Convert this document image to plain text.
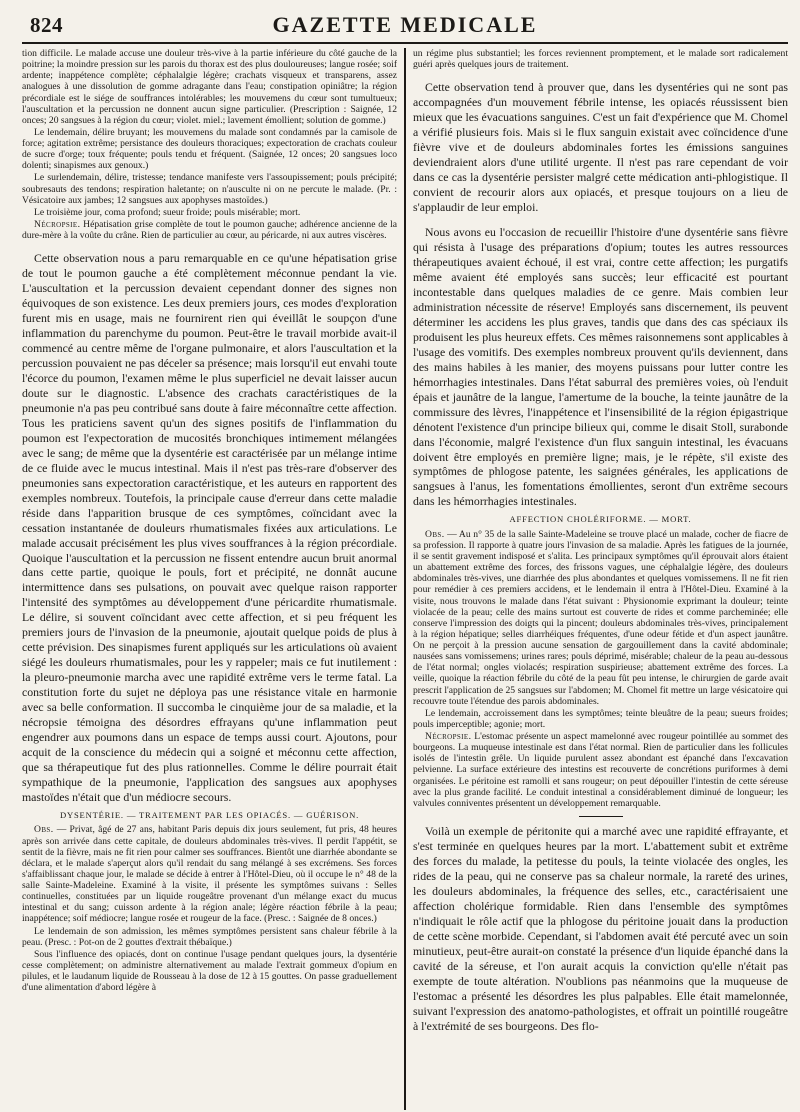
824	GAZETTE MEDICALE

tion difficile. Le malade accuse une douleur très-vive à la partie inférieure du côté gauche de la poitrine; la moindre pression sur les parois du thorax est des plus douloureuses; langue rosée; soif ardente; inappétence complète; céphalalgie légère; crachats visqueux et transparens, assez analogues à une dissolution de gomme adragante dans l'eau; constipation opiniâtre; la région précordiale est le siége de souffrances intolérables; les mouvemens du cœur sont tumultueux; l'auscultation et la percussion ne donnent aucun signe particulier. (Prescription : Saignée, 12 onces; 20 sangsues à la région du cœur; violet. miel.; lavement émollient; solution de gomme.)

Le lendemain, délire bruyant; les mouvemens du malade sont condamnés par la camisole de force; agitation extrême; persistance des douleurs thoraciques; expectoration de crachats couleur de sucre d'orge; toux fréquente; pouls tendu et fréquent. (Saignée, 12 onces; 20 sangsues loco dolenti; sinapismes aux genoux.)

Le surlendemain, délire, tristesse; tendance manifeste vers l'assoupissement; pouls précipité; soubresauts des tendons; respiration haletante; on n'ausculte ni on ne percute le malade. (Pr. : Vésicatoire aux jambes; 12 sangsues aux apophyses mastoïdes.)

Le troisième jour, coma profond; sueur froide; pouls misérable; mort.

Nécropsie. Hépatisation grise complète de tout le poumon gauche; adhérence ancienne de la dure-mère à la voûte du crâne. Rien de particulier au cœur, au péricarde, ni aux autres viscères.

Cette observation nous a paru remarquable en ce qu'une hépatisation grise de tout le poumon gauche a été complètement méconnue pendant la vie. L'auscultation et la percussion devaient cependant donner des signes non équivoques de son existence. Les deux premiers jours, ces modes d'exploration furent mis en usage, mais ne fournirent rien qui éveillât le soupçon d'une inflammation du parenchyme du poumon. Peut-être le travail morbide avait-il commencé au centre même de l'organe pulmonaire, et alors l'auscultation et la percussion pouvaient ne pas déceler sa présence; mais lorsqu'il eut envahi toute l'écorce du poumon, l'examen même le plus superficiel ne devait laisser aucun doute sur le diagnostic. L'absence des crachats caractéristiques de la pneumonie n'a pas peu contribué sans doute à faire méconnaître cette affection. Tous les praticiens savent qu'un des signes positifs de l'inflammation du poumon est l'expectoration de mucosités bronchiques intimement mélangées avec le sang; de même que la dysentérie est caractérisée par un mélange intime de ce fluide avec le mucus intestinal. Mais il n'est pas très-rare d'observer des pneumonies sans expectoration caractéristique, et les auteurs en rapportent des exemples nombreux. Toutefois, la principale cause d'erreur dans cette maladie réside dans l'apparition brusque de ces symptômes, coïncidant avec la cessation instantanée de douleurs rhumatismales fixées aux articulations. Le malade accusait précisément les plus vives souffrances à la région précordiale. Quoique l'auscultation et la percussion ne fissent entendre aucun bruit anormal dans cette partie, quoique le pouls, fort et précipité, ne donnât aucune intermittence dans ses pulsations, on pouvait avec quelque raison rapporter l'intensité des symptômes au développement d'une péricardite rhumatismale. Le délire, si souvent coïncidant avec cette affection, et si peu fréquent les premiers jours de l'invasion de la pneumonie, ajoutait quelque poids de plus à cette prévision. Des sinapismes furent appliqués sur les articulations où avaient siégé les douleurs rhumatismales, pour les y rappeler; mais ce fut inutilement : la pleuro-pneumonie marcha avec une rapidité extrême vers le terme fatal. La constitution forte du sujet ne déploya pas une résistance vitale en harmonie avec sa belle conformation. Il succomba le cinquième jour de sa maladie, et la nécropsie témoigna des désordres effrayans qu'une inflammation peut engendrer aux poumons dans un espace de temps aussi court. Ajoutons, pour acquit de la conscience du médecin qui a soigné et méconnu cette affection, que sa thérapeutique fut des plus rationnelles. Comme le délire pourrait était sympathique de la pneumonie, l'application des sangsues aux apophyses mastoïdes n'était que d'un médiocre secours.

DYSENTÉRIE. — TRAITEMENT PAR LES OPIACÉS. — GUÉRISON.

Obs. — Privat, âgé de 27 ans, habitant Paris depuis dix jours seulement, fut pris, 48 heures après son arrivée dans cette capitale, de douleurs abdominales très-vives. Il perdit l'appétit, se sentit de la fièvre, mais ne fit rien pour calmer ses souffrances. Bientôt une diarrhée abondante se déclara, et le malade s'aperçut alors qu'il rendait du sang mélangé à ses excrémens. Ses forces s'affaiblissant chaque jour, le malade se décide à entrer à l'Hôtel-Dieu, où il occupe le n° 48 de la salle Sainte-Madeleine. Examiné à la visite, il présente les symptômes suivans : Selles continuelles, constituées par un liquide rougeâtre provenant d'un mélange exact du mucus intestinal et du sang; cuisson ardente à la région anale; légère réaction fébrile à la peau; inappétence; soif médiocre; langue rosée et rougeur de la face. (Presc. : Saignée de 8 onces.)

Le lendemain de son admission, les mêmes symptômes persistent sans chaleur fébrile à la peau. (Presc. : Pot-on de 2 gouttes d'extrait thébaïque.)

Sous l'influence des opiacés, dont on continue l'usage pendant quelques jours, la dysentérie cesse complètement; on administre alternativement au malade l'extrait gommeux d'opium en pilules, et le laudanum liquide de Rousseau à la dose de 12 à 15 gouttes. On passe graduellement d'une alimentation d'abord légère à

un régime plus substantiel; les forces reviennent promptement, et le malade sort radicalement guéri après quelques jours de traitement.

Cette observation tend à prouver que, dans les dysentéries qui ne sont pas accompagnées d'un mouvement fébrile intense, les opiacés réussissent bien mieux que les évacuations sanguines. C'est un fait d'expérience que M. Chomel a vérifié plusieurs fois. Mais si le flux sanguin existait avec coïncidence d'une fièvre vive et de douleurs abdominales fortes les émissions sanguines deviendraient alors d'une utilité urgente. Il n'est pas rare cependant de voir dans ce cas la dysentérie persister malgré cette médication anti-phlogistique. Il convient de recourir alors aux opiacés, et presque toujours on a lieu de s'applaudir de leur emploi.

Nous avons eu l'occasion de recueillir l'histoire d'une dysentérie sans fièvre qui résista à l'usage des préparations d'opium; toutes les autres ressources thérapeutiques avaient échoué, il est vrai, contre cette affection; les purgatifs même avaient été employés sans succès; leur efficacité est pourtant incontestable dans quelques maladies de ce genre. Mais combien leur administration nécessite de réserve! Employés sans discernement, ils peuvent déterminer les accidens les plus graves, tandis que dans des cas spéciaux ils produisent les plus heureux effets. Ces mêmes raisonnemens sont applicables à l'usage des vomitifs. Des exemples nombreux prouvent qu'ils deviennent, dans des mains habiles à les manier, des moyens puissans pour lutter contre les hémorrhagies intestinales. Dans l'état saburral des premières voies, où l'enduit épais et jaunâtre de la langue, l'amertume de la bouche, la teinte jaunâtre de la commissure des lèvres, l'inappétence et l'insensibilité de la région épigastrique dénotent l'existence d'un principe bilieux qui, comme le disait Stoll, surabonde dans l'économie, malgré l'existence d'un flux sanguin intestinal, les évacuans doivent être employés en première ligne; mais, je le répète, s'il existe des symptômes de phlogose patente, les saignées générales, les applications de sangsues à l'anus, les fomentations émollientes, seront d'un extrême secours dans les hémorrhagies intestinales.

AFFECTION CHOLÉRIFORME. — MORT.

Obs. — Au n° 35 de la salle Sainte-Madeleine se trouve placé un malade, cocher de fiacre de sa profession. Il rapporte à quatre jours l'invasion de sa maladie. Après les fatigues de la journée, il se sentit gravement indisposé et s'alita. Les principaux symptômes qu'il éprouvait alors étaient un abattement extrême des forces, des frissons vagues, une céphalalgie légère, des douleurs abdominales très-vives, une diarrhée des plus abondantes et quelques vomissemens. Il ne fit rien pour remédier à ces premiers accidens, et le lendemain il entra à l'Hôtel-Dieu. Examiné à la visite, nous trouvons le malade dans l'état suivant : Physionomie exprimant la douleur; teinte violacée de la peau; celle des mains surtout est couverte de rides et comme parcheminée; elle conserve l'impression des doigts qui la pincent; douleurs abdominales très-vives, principalement à la région hépatique; selles diarrhéiques fréquentes, d'une odeur fétide et d'un aspect jaunâtre. On ne perçoit à la pression aucune sensation de gargouillement dans la cavité abdominale; nausées sans vomissemens; urines rares; pouls déprimé, misérable; chaleur de la peau au-dessous de l'état normal; ongles violacés; respiration suspirieuse; abattement extrême des forces. La veille, quoique la réaction fébrile du côté de la peau fût peu intense, le chirurgien de garde avait prescrit l'application de 25 sangsues sur l'abdomen; M. Chomel fit mettre un large vésicatoire qui recouvre toute l'étendue des parois abdominales.

Le lendemain, accroissement dans les symptômes; teinte bleuâtre de la peau; sueurs froides; pouls imperceptible; agonie; mort.

Nécropsie. L'estomac présente un aspect mamelonné avec rougeur pointillée au sommet des bourgeons. La muqueuse intestinale est dans l'état normal. Rien de particulier dans les follicules isolés de l'intestin grêle. Un liquide purulent assez abondant est épanché dans l'excavation pelvienne. La surface extérieure des intestins est recouverte de concrétions puriformes à demi organisées. Le péritoine est ramolli et sans rougeur; on peut dépouiller l'intestin de cette séreuse avec la plus grande facilité. Le conduit intestinal a considérablement diminué de longueur; les valvules conniventes présentent un développement remarquable.

Voilà un exemple de péritonite qui a marché avec une rapidité effrayante, et s'est terminée en quelques heures par la mort. L'abattement subit et extrême des forces du malade, la petitesse du pouls, la teinte violacée des ongles, les rides de la peau, qui ne conserve pas sa chaleur normale, la rareté des urines, les douleurs abdominales, la fréquence des selles, etc., caractérisaient une affection cholérique formidable. Rien dans l'ensemble des symptômes n'indiquait le rôle actif que la phlogose du péritoine jouait dans la production de cette scène morbide. Cependant, si l'abdomen avait été percuté avec un soin minutieux, peut-être aurait-on constaté la présence d'un liquide épanché dans la cavité de la séreuse, et l'on aurait acquis la conviction qu'elle n'était pas exempte de toute altération. N'oublions pas néanmoins que la muqueuse de l'estomac a présenté les désordres les plus palpables. Elle était mamelonnée, suivant l'expression des anatomo-pathologistes, et offrait un pointillé rougeâtre à l'extrémité de ses bourgeons. Des flo-
